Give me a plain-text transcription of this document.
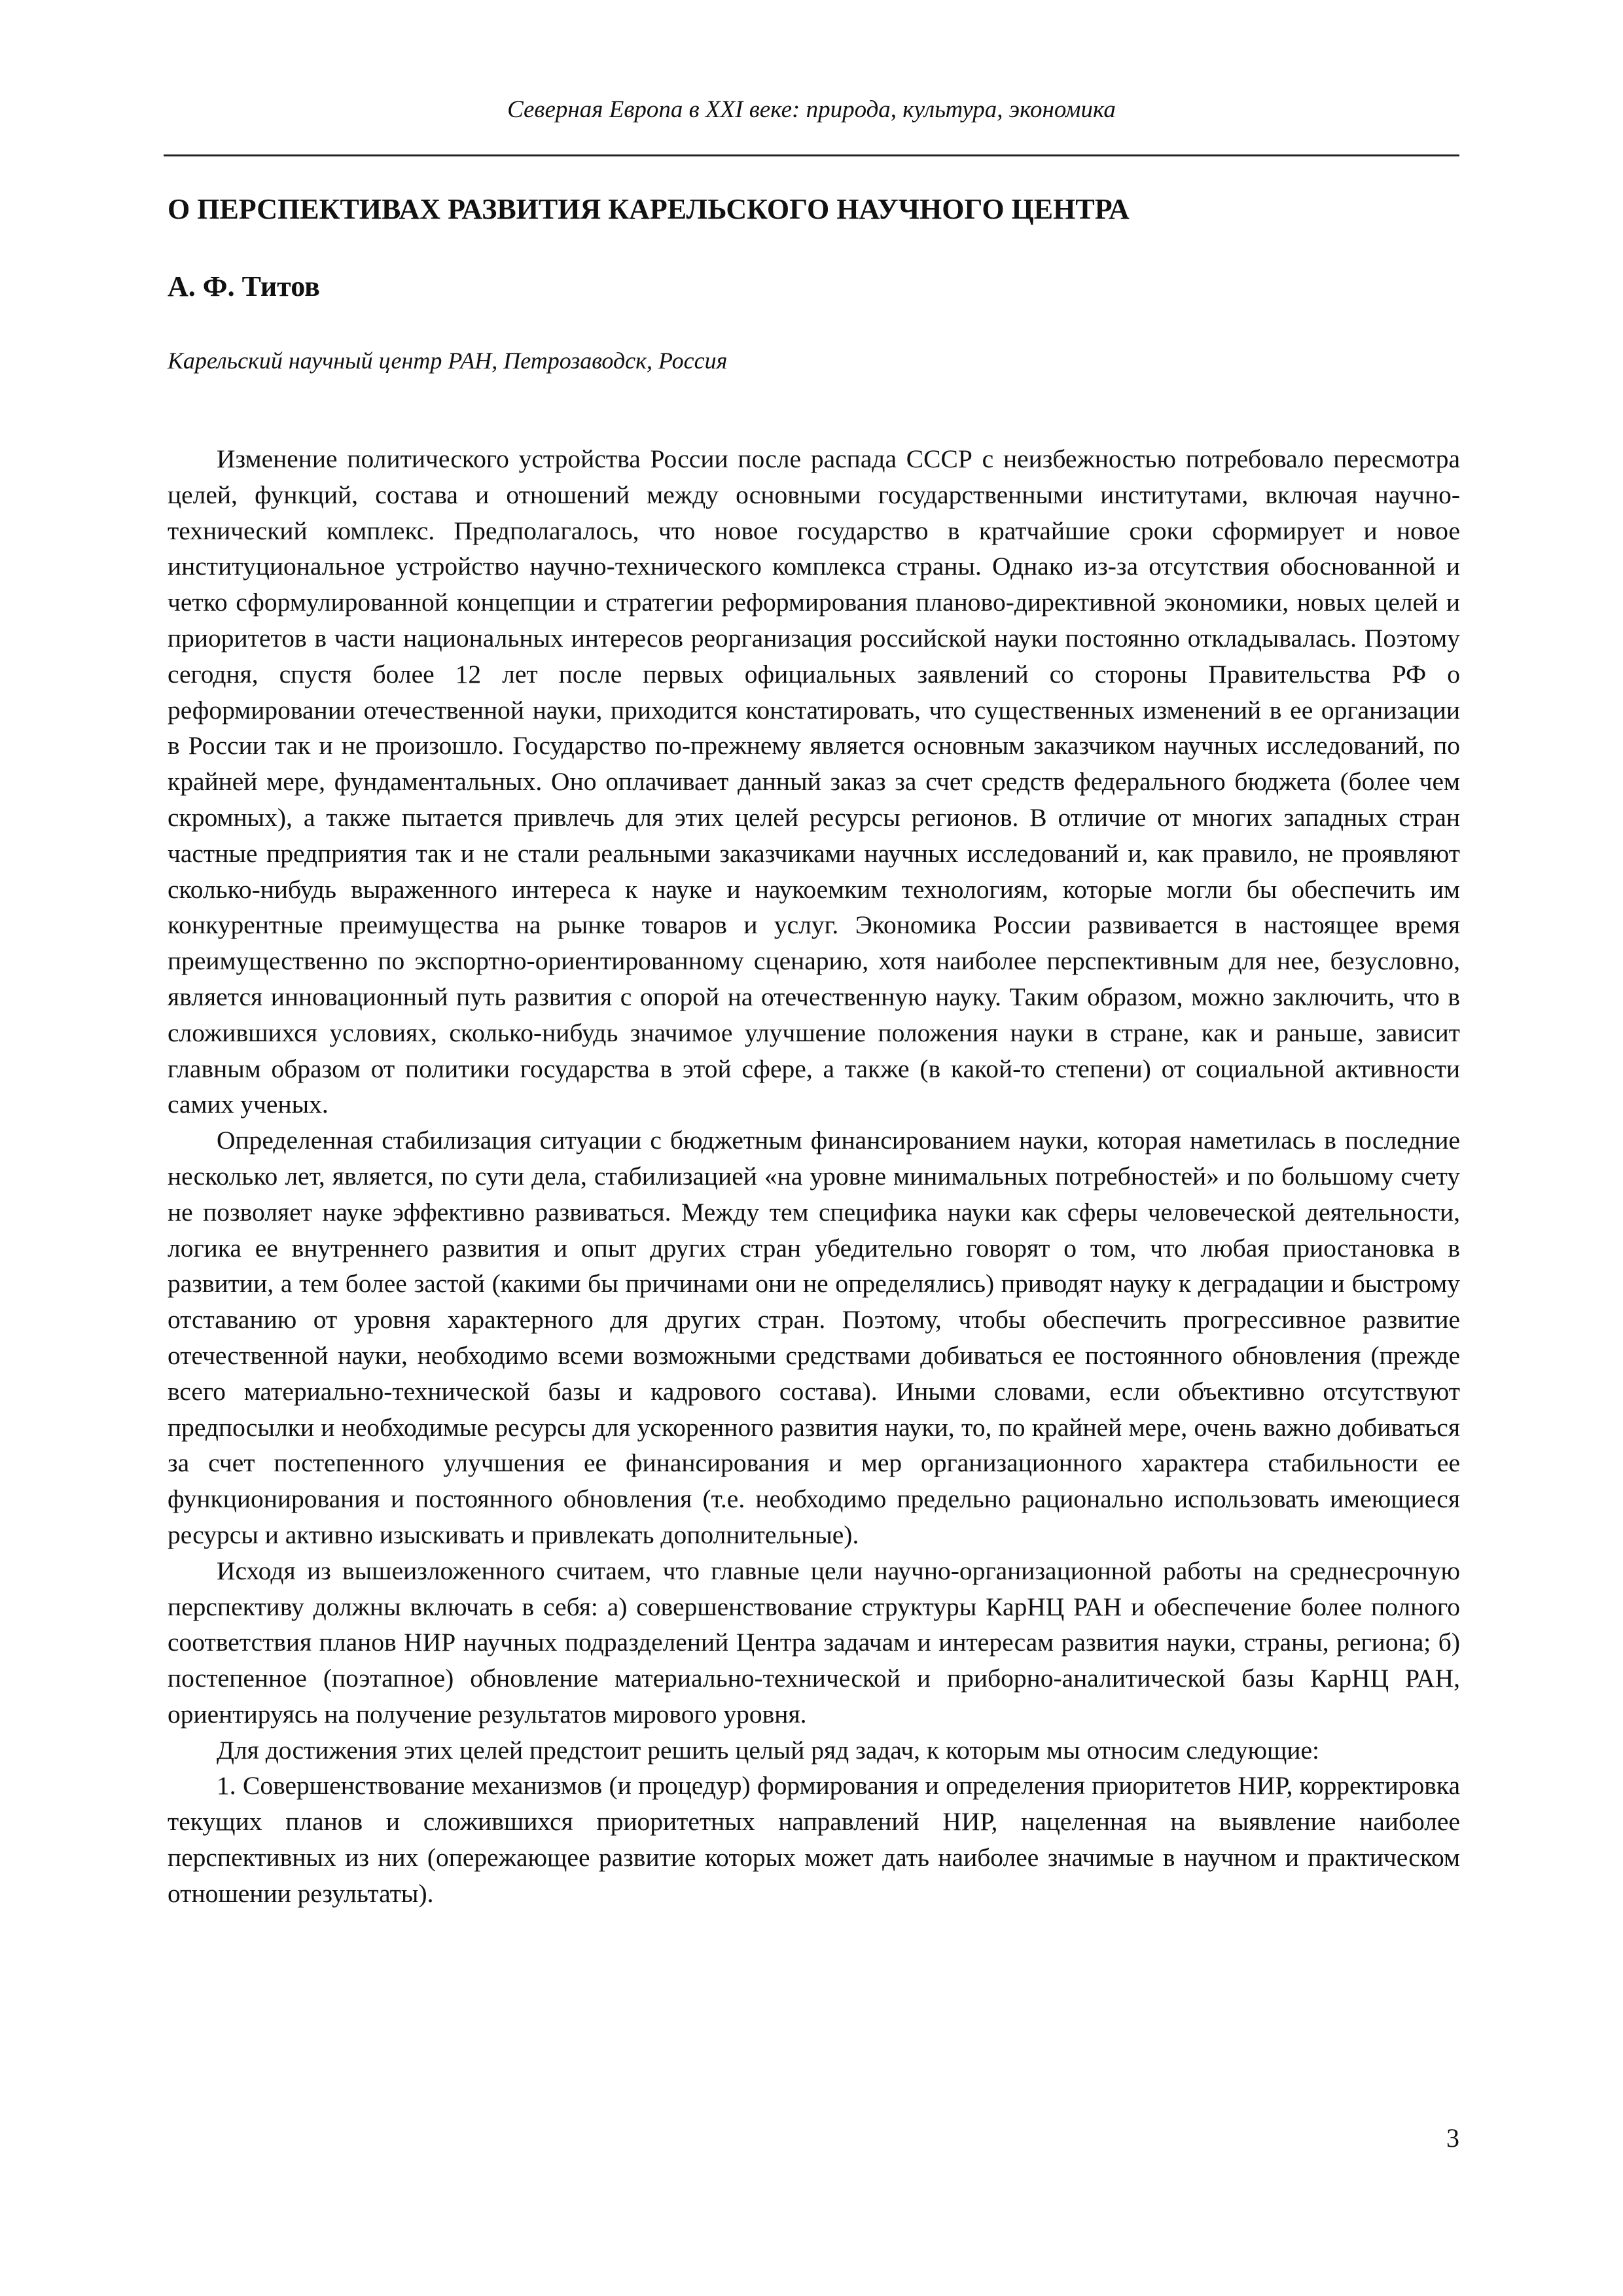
Северная Европа в XXI веке: природа, культура, экономика
О ПЕРСПЕКТИВАХ РАЗВИТИЯ КАРЕЛЬСКОГО НАУЧНОГО ЦЕНТРА
А. Ф. Титов
Карельский научный центр РАН, Петрозаводск, Россия

Изменение политического устройства России после распада СССР с неизбежностью потребовало пересмотра целей, функций, состава и отношений между основными государственными институтами, включая научно-технический комплекс. Предполагалось, что новое государство в кратчайшие сроки сформирует и новое институциональное устройство научно-технического комплекса страны. Однако из-за отсутствия обоснованной и четко сформулированной концепции и стратегии реформирования планово-директивной экономики, новых целей и приоритетов в части национальных интересов реорганизация российской науки постоянно откладывалась. Поэтому сегодня, спустя более 12 лет после первых официальных заявлений со стороны Правительства РФ о реформировании отечественной науки, приходится констатировать, что существенных изменений в ее организации в России так и не произошло. Государство по-прежнему является основным заказчиком научных исследований, по крайней мере, фундаментальных. Оно оплачивает данный заказ за счет средств федерального бюджета (более чем скромных), а также пытается привлечь для этих целей ресурсы регионов. В отличие от многих западных стран частные предприятия так и не стали реальными заказчиками научных исследований и, как правило, не проявляют сколько-нибудь выраженного интереса к науке и наукоемким технологиям, которые могли бы обеспечить им конкурентные преимущества на рынке товаров и услуг. Экономика России развивается в настоящее время преимущественно по экспортно-ориентированному сценарию, хотя наиболее перспективным для нее, безусловно, является инновационный путь развития с опорой на отечественную науку. Таким образом, можно заключить, что в сложившихся условиях, сколько-нибудь значимое улучшение положения науки в стране, как и раньше, зависит главным образом от политики государства в этой сфере, а также (в какой-то степени) от социальной активности самих ученых.

Определенная стабилизация ситуации с бюджетным финансированием науки, которая наметилась в последние несколько лет, является, по сути дела, стабилизацией «на уровне минимальных потребностей» и по большому счету не позволяет науке эффективно развиваться. Между тем специфика науки как сферы человеческой деятельности, логика ее внутреннего развития и опыт других стран убедительно говорят о том, что любая приостановка в развитии, а тем более застой (какими бы причинами они не определялись) приводят науку к деградации и быстрому отставанию от уровня характерного для других стран. Поэтому, чтобы обеспечить прогрессивное развитие отечественной науки, необходимо всеми возможными средствами добиваться ее постоянного обновления (прежде всего материально-технической базы и кадрового состава). Иными словами, если объективно отсутствуют предпосылки и необходимые ресурсы для ускоренного развития науки, то, по крайней мере, очень важно добиваться за счет постепенного улучшения ее финансирования и мер организационного характера стабильности ее функционирования и постоянного обновления (т.е. необходимо предельно рационально использовать имеющиеся ресурсы и активно изыскивать и привлекать дополнительные).

Исходя из вышеизложенного считаем, что главные цели научно-организационной работы на среднесрочную перспективу должны включать в себя: а) совершенствование структуры КарНЦ РАН и обеспечение более полного соответствия планов НИР научных подразделений Центра задачам и интересам развития науки, страны, региона; б) постепенное (поэтапное) обновление материально-технической и приборно-аналитической базы КарНЦ РАН, ориентируясь на получение результатов мирового уровня.

Для достижения этих целей предстоит решить целый ряд задач, к которым мы относим следующие:

1. Совершенствование механизмов (и процедур) формирования и определения приоритетов НИР, корректировка текущих планов и сложившихся приоритетных направлений НИР, нацеленная на выявление наиболее перспективных из них (опережающее развитие которых может дать наиболее значимые в научном и практическом отношении результаты).

3
